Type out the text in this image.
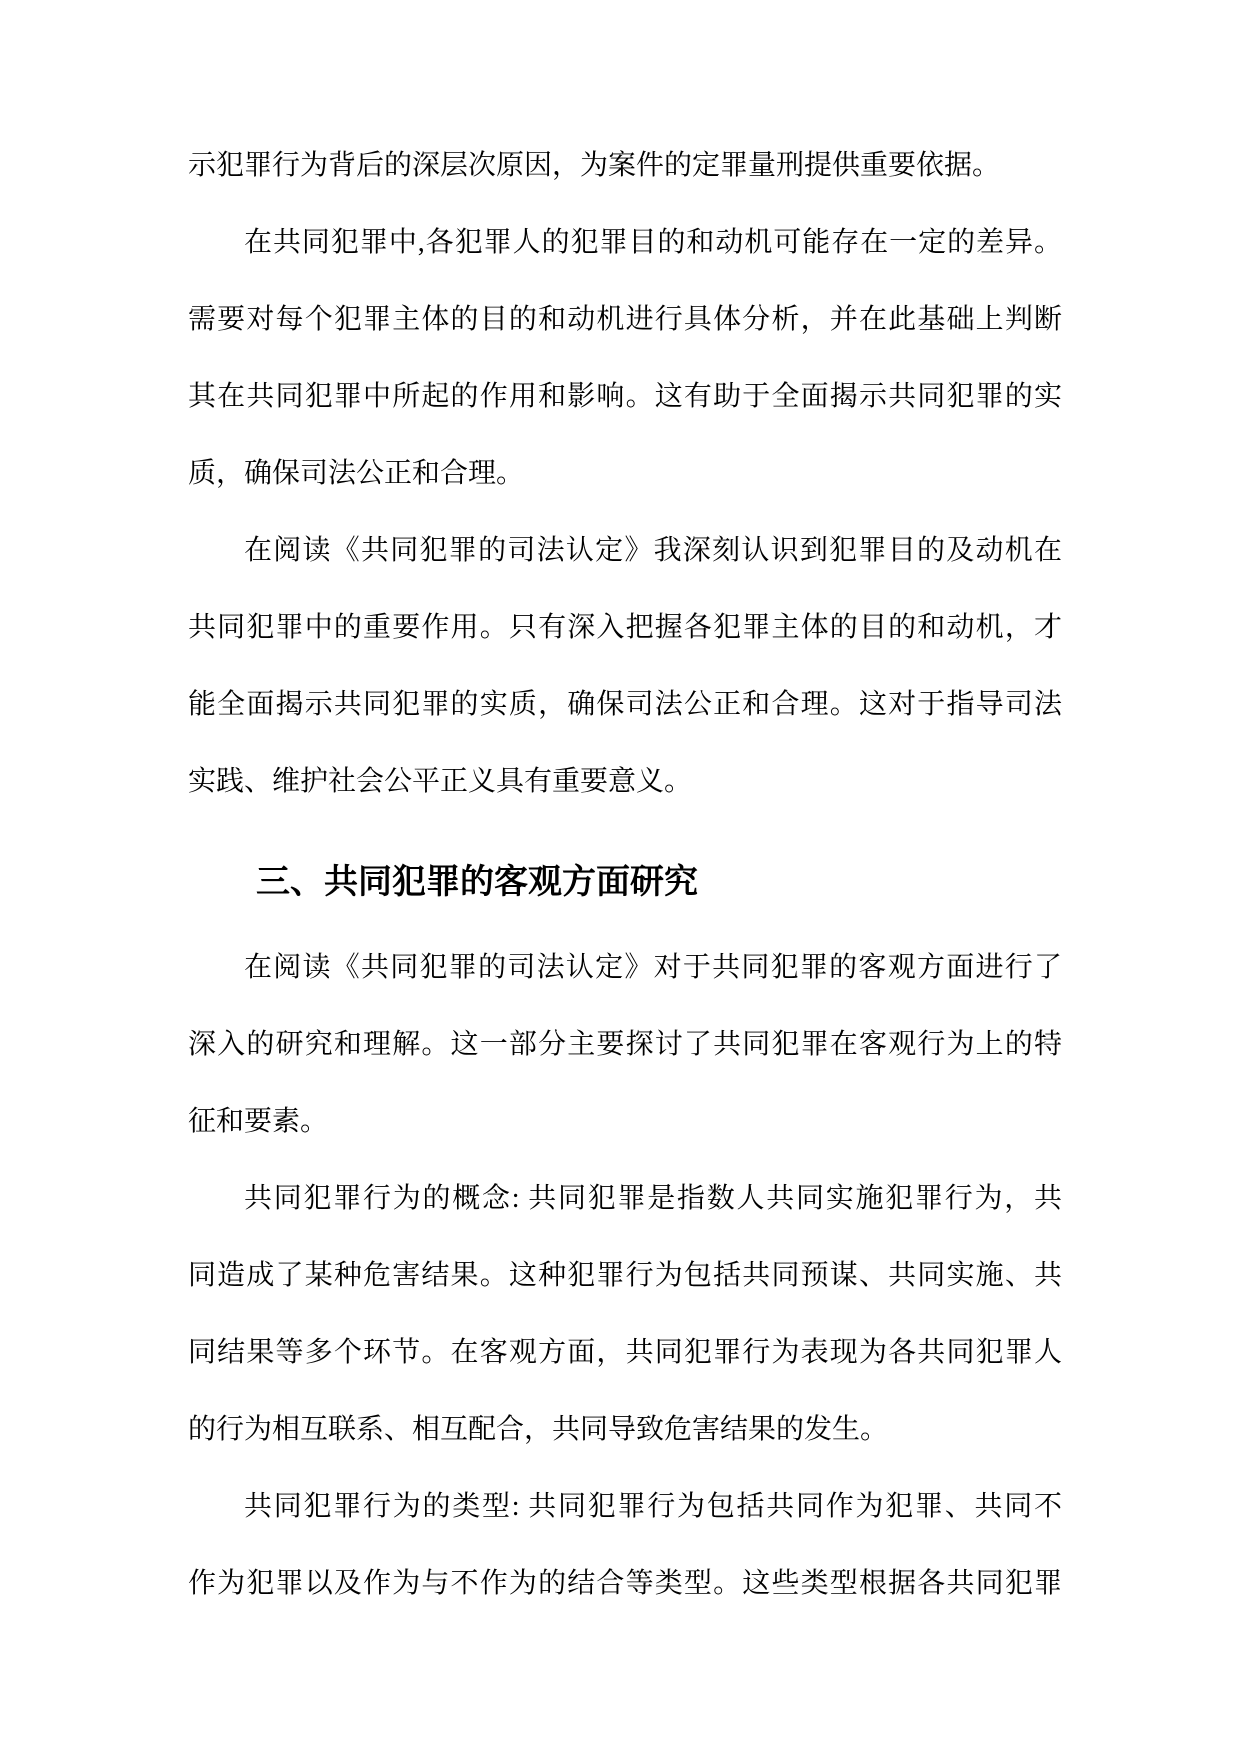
示犯罪行为背后的深层次原因，为案件的定罪量刑提供重要依据。
在共同犯罪中,各犯罪人的犯罪目的和动机可能存在一定的差异。
需要对每个犯罪主体的目的和动机进行具体分析，并在此基础上判断
其在共同犯罪中所起的作用和影响。这有助于全面揭示共同犯罪的实
质，确保司法公正和合理。
在阅读《共同犯罪的司法认定》我深刻认识到犯罪目的及动机在
共同犯罪中的重要作用。只有深入把握各犯罪主体的目的和动机，才
能全面揭示共同犯罪的实质，确保司法公正和合理。这对于指导司法
实践、维护社会公平正义具有重要意义。
三、共同犯罪的客观方面研究
在阅读《共同犯罪的司法认定》对于共同犯罪的客观方面进行了
深入的研究和理解。这一部分主要探讨了共同犯罪在客观行为上的特
征和要素。
共同犯罪行为的概念: 共同犯罪是指数人共同实施犯罪行为，共
同造成了某种危害结果。这种犯罪行为包括共同预谋、共同实施、共
同结果等多个环节。在客观方面，共同犯罪行为表现为各共同犯罪人
的行为相互联系、相互配合，共同导致危害结果的发生。
共同犯罪行为的类型: 共同犯罪行为包括共同作为犯罪、共同不
作为犯罪以及作为与不作为的结合等类型。这些类型根据各共同犯罪
